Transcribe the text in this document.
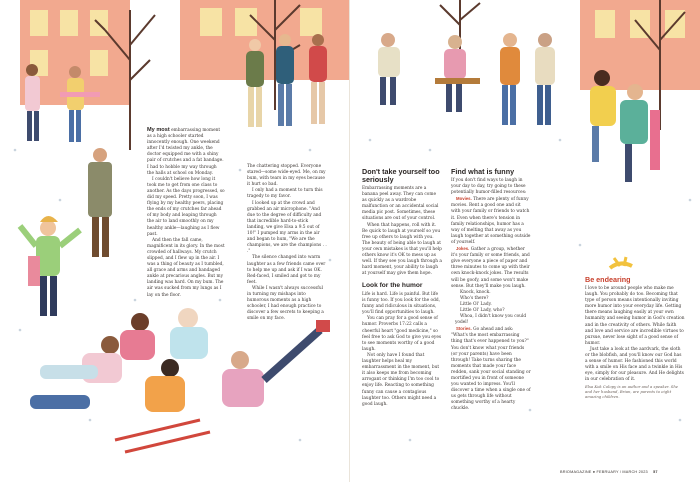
My most embarrassing moment as a high schooler started innocently enough. One weekend after I'd twisted my ankle, the doctor equipped me with a shiny pair of crutches and a fat bandage. I had to hobble my way through the halls at school on Monday.

I couldn't believe how long it took me to get from one class to another. As the days progressed, so did my speed. Pretty soon, I was flying by my healthy peers, placing the ends of my crutches far ahead of my body and leaping through the air to land smoothly on my healthy ankle—laughing as I flew past.

And then the fall came, magnificent in its glory. In the most crowded of hallways. My crutch slipped, and I flew up in the air. I was a thing of beauty as I tumbled, all grace and arms and bandaged ankle at precarious angles. But my landing was hard. On my bum. The air was sucked from my lungs as I lay on the floor.

The chattering stopped. Everyone stared—some wide-eyed. Me, on my bum, with tears in my eyes because it hurt so bad.

I only had a moment to turn this tragedy to my favor.

I looked up at the crowd and grabbed an air microphone. "And due to the degree of difficulty and that incredible hard-to-stick landing, we give Elsa a 9.5 out of 10!" I pumped my arms in the air and began to hum, "We are the champions, we are the champions . . ."

The silence changed into warm laughter as a few friends came over to help me up and ask if I was OK. Red-faced, I smiled and got to my feet.

While I wasn't always successful in turning my mishaps into humorous moments as a high schooler, I had enough practice to discover a few secrets to keeping a smile on my face.

Don't take yourself too seriously

Embarrassing moments are a banana peel away. They can come as quickly as a wardrobe malfunction or an accidental social media pic post. Sometimes, these situations are out of your control.

When that happens, roll with it. Be quick to laugh at yourself so you free up others to laugh with you. The beauty of being able to laugh at your own mistakes is that you'll help others know it's OK to mess up as well. If they see you laugh through a hard moment, your ability to laugh at yourself may give them hope.

Look for the humor

Life is hard. Life is painful. But life is funny too. If you look for the odd, funny and ridiculous in situations, you'll find opportunities to laugh.

You can pray for a good sense of humor. Proverbs 17:22 calls a cheerful heart "good medicine," so feel free to ask God to give you eyes to see moments worthy of a good laugh.

Not only have I found that laughter helps heal my embarrassment in the moment, but it also keeps me from becoming arrogant or thinking I'm too cool to enjoy life. Reacting to something funny can cause a contagious laughter too. Others might need a good laugh.

Find what is funny

If you don't find ways to laugh in your day to day, try going to these potentially humor-filled resources:

Movies. There are plenty of funny movies. Rent a good one and sit with your family or friends to watch it. Even when there's tension in family relationships, humor has a way of melting that away as you laugh together at something outside of yourself.

Jokes. Gather a group, whether it's your family or some friends, and give everyone a piece of paper and three minutes to come up with their own knock-knock jokes. The results will be goofy, and some won't make sense. But they'll make you laugh.

Knock, knock.

Who's there?

Little Ol' Lady.

Little Ol' Lady, who?

Whoa, I didn't know you could yodel!

Stories. Go ahead and ask: "What's the most embarrassing thing that's ever happened to you?" You don't know what your friends (or your parents) have been through! Take turns sharing the moments that made your face redden, sank your social standing or mortified you in front of someone you wanted to impress. You'll discover a time when a single one of us gets through life without something worthy of a hearty chuckle.

Be endearing

I love to be around people who make me laugh. You probably do too. Becoming that type of person means intentionally inviting more humor into your everyday life. Getting there means laughing easily at your own humanity and seeing humor in God's creation and in the creativity of others. While faith and love and service are incredible virtues to pursue, never lose sight of a good sense of humor.

Just take a look at the aardvark, the sloth or the blobfish, and you'll know our God has a sense of humor. He fashioned this world with a smile on His face and a twinkle in His eye, simply for our pleasure. And He delights in our celebration of it.

Elsa Kok Colopy is an author and a speaker. She and her husband, Brian, are parents to eight amazing children.

BRIOMAGAZINE ● FEBRUARY / MARCH 2023 57
